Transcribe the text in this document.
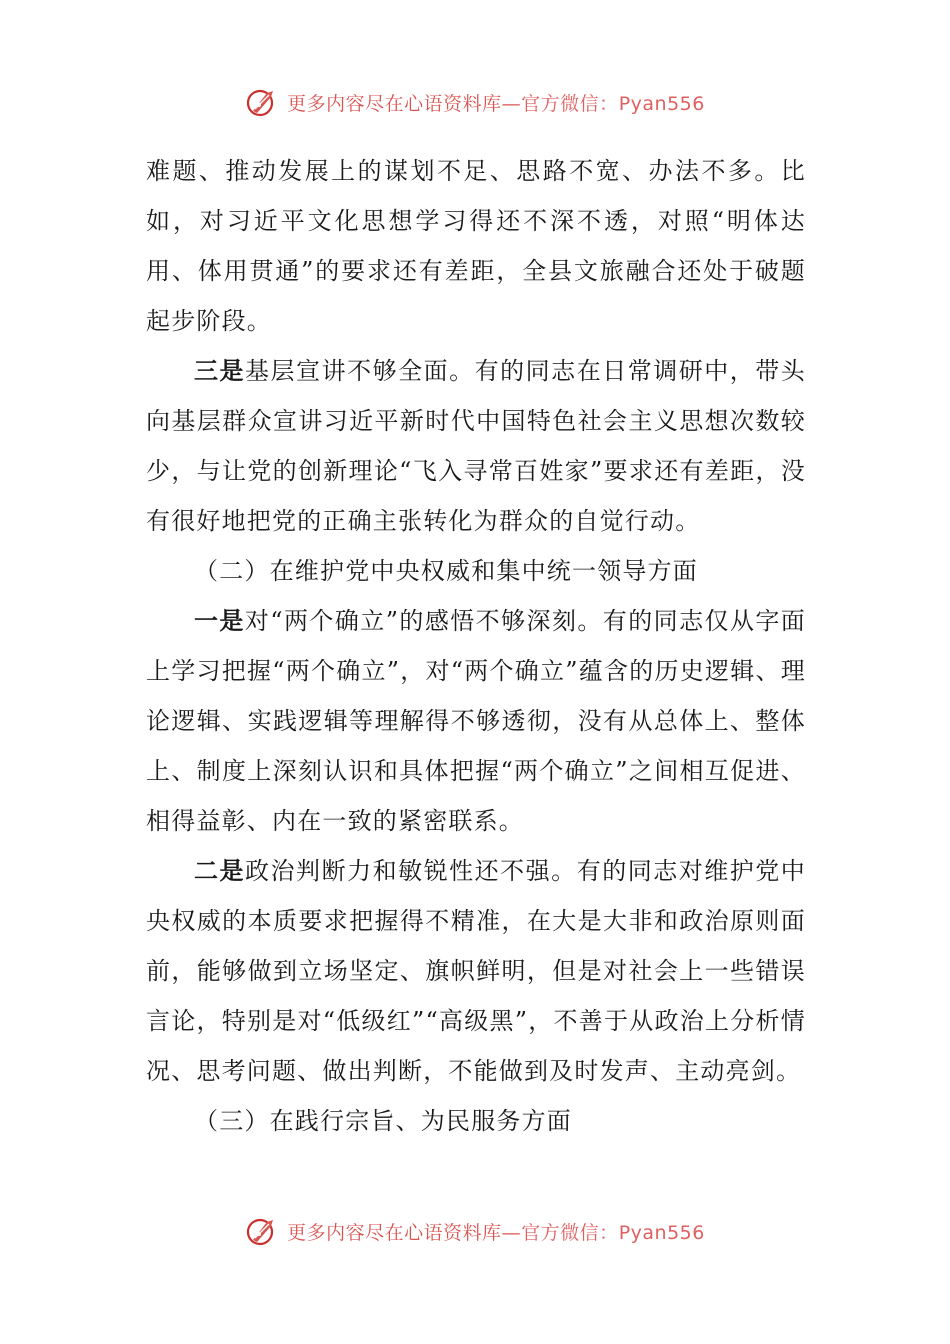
更多内容尽在心语资料库—官方微信：Pyan556

难题、推动发展上的谋划不足、思路不宽、办法不多。比如，对习近平文化思想学习得还不深不透，对照“明体达用、体用贯通”的要求还有差距，全县文旅融合还处于破题起步阶段。

三是基层宣讲不够全面。有的同志在日常调研中，带头向基层群众宣讲习近平新时代中国特色社会主义思想次数较少，与让党的创新理论“飞入寻常百姓家”要求还有差距，没有很好地把党的正确主张转化为群众的自觉行动。

（二）在维护党中央权威和集中统一领导方面

一是对“两个确立”的感悟不够深刻。有的同志仅从字面上学习把握“两个确立”，对“两个确立”蕴含的历史逻辑、理论逻辑、实践逻辑等理解得不够透彻，没有从总体上、整体上、制度上深刻认识和具体把握“两个确立”之间相互促进、相得益彰、内在一致的紧密联系。

二是政治判断力和敏锐性还不强。有的同志对维护党中央权威的本质要求把握得不精准，在大是大非和政治原则面前，能够做到立场坚定、旗帜鲜明，但是对社会上一些错误言论，特别是对“低级红”“高级黑”，不善于从政治上分析情况、思考问题、做出判断，不能做到及时发声、主动亮剑。

（三）在践行宗旨、为民服务方面

更多内容尽在心语资料库—官方微信：Pyan556
